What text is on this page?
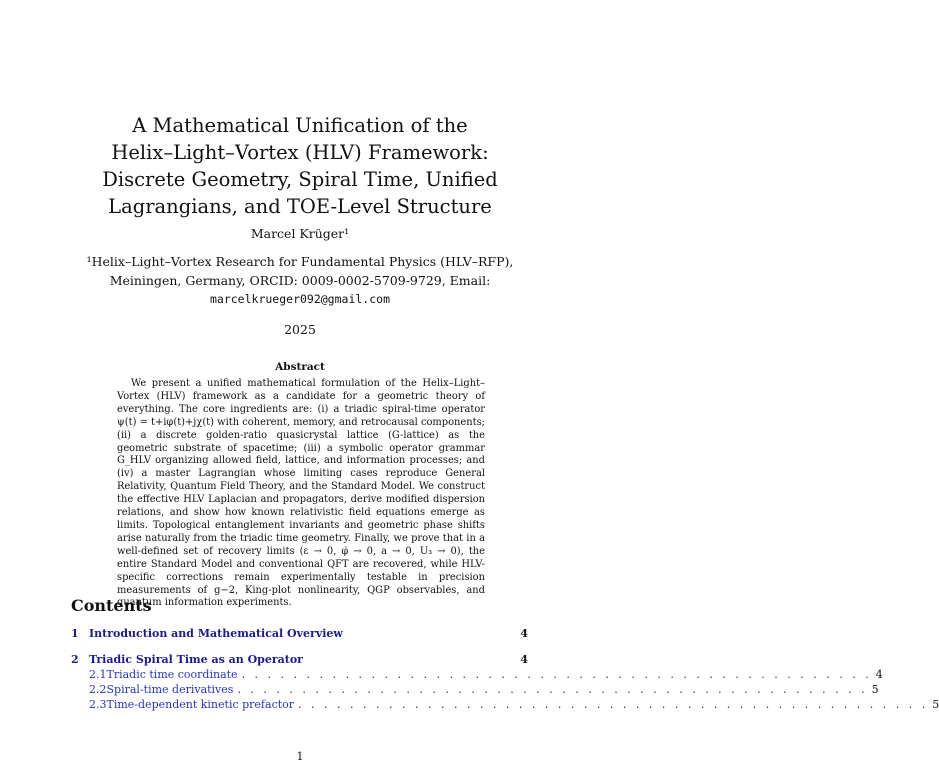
A Mathematical Unification of the
Helix–Light–Vortex (HLV) Framework:
Discrete Geometry, Spiral Time, Unified
Lagrangians, and TOE-Level Structure
Marcel Krüger¹
¹Helix–Light–Vortex Research for Fundamental Physics (HLV–RFP),
Meiningen, Germany, ORCID: 0009-0002-5709-9729, Email:
marcelkrueger092@gmail.com
2025
Abstract
We present a unified mathematical formulation of the Helix–Light–Vortex (HLV) framework as a candidate for a geometric theory of everything. The core ingredients are: (i) a triadic spiral-time operator ψ(t) = t+iφ(t)+jχ(t) with coherent, memory, and retrocausal components; (ii) a discrete golden-ratio quasicrystal lattice (G-lattice) as the geometric substrate of spacetime; (iii) a symbolic operator grammar G_HLV organizing allowed field, lattice, and information processes; and (iv) a master Lagrangian whose limiting cases reproduce General Relativity, Quantum Field Theory, and the Standard Model. We construct the effective HLV Laplacian and propagators, derive modified dispersion relations, and show how known relativistic field equations emerge as limits. Topological entanglement invariants and geometric phase shifts arise naturally from the triadic time geometry. Finally, we prove that in a well-defined set of recovery limits (ε → 0, φ̇ → 0, a → 0, U₃ → 0), the entire Standard Model and conventional QFT are recovered, while HLV-specific corrections remain experimentally testable in precision measurements of g−2, King-plot nonlinearity, QGP observables, and quantum information experiments.
Contents
1 Introduction and Mathematical Overview	4
2 Triadic Spiral Time as an Operator	4
2.1 Triadic time coordinate . . . . . . . . . . . . . . . . . . . . . . . . . . . . . . . . . . . . . . . . . . . . . . . . . 4
2.2 Spiral-time derivatives . . . . . . . . . . . . . . . . . . . . . . . . . . . . . . . . . . . . . . . . . . . . . . . . . 5
2.3 Time-dependent kinetic prefactor . . . . . . . . . . . . . . . . . . . . . . . . . . . . . . . . . . . . . . . . . . . . . . . . . 5
1
